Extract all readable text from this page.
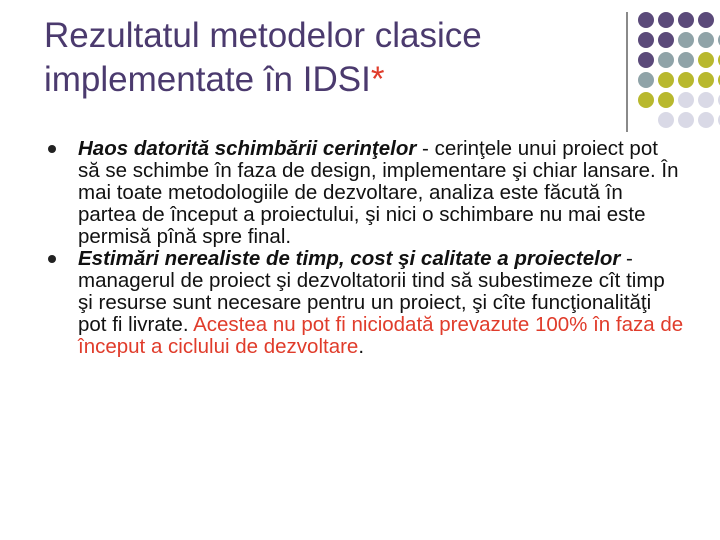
Rezultatul metodelor clasice implementate în IDSI*
Haos datorită schimbării cerinţelor - cerinţele unui proiect pot să se schimbe în faza de design, implementare şi chiar lansare. În mai toate metodologiile de dezvoltare, analiza este făcută în partea de început a proiectului, şi nici o schimbare nu mai este permisă pînă spre final.
Estimări nerealiste de timp, cost şi calitate a proiectelor - managerul de proiect şi dezvoltatorii tind să subestimeze cît timp şi resurse sunt necesare pentru un proiect, şi cîte funcţionalităţi pot fi livrate. Acestea nu pot fi niciodată prevazute 100% în faza de început a ciclului de dezvoltare.
